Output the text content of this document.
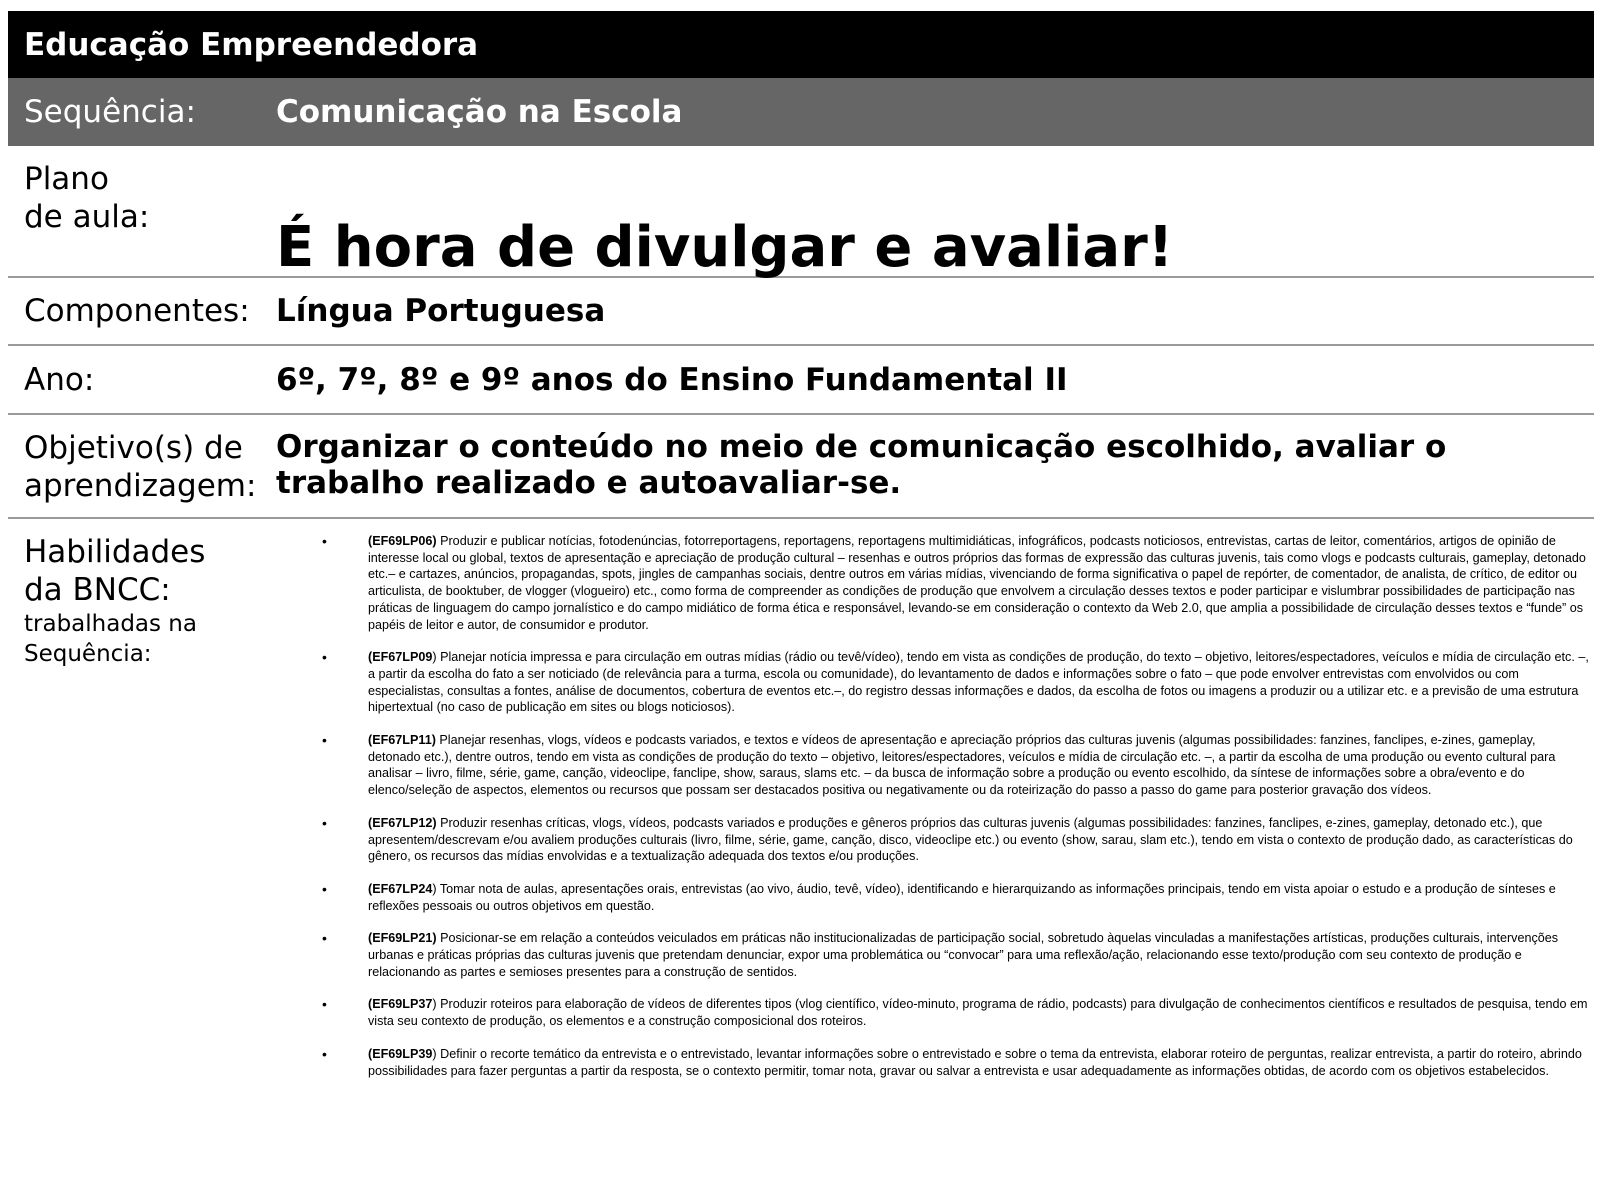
Educação Empreendedora
Sequência:	Comunicação na Escola
Plano
de aula:	É hora de divulgar e avaliar!
Componentes: Língua Portuguesa
Ano:	6º, 7º, 8º e 9º anos do Ensino Fundamental II
Objetivo(s) de
aprendizagem:
Organizar o conteúdo no meio de comunicação escolhido, avaliar o trabalho realizado e autoavaliar-se.
Habilidades
da BNCC:
trabalhadas na
Sequência:
•	(EF69LP06) Produzir e publicar notícias, fotodenúncias, fotorreportagens, reportagens, reportagens multimidiáticas, infográficos, podcasts noticiosos, entrevistas, cartas de leitor, comentários, artigos de opinião de interesse local ou global, textos de apresentação e apreciação de produção cultural – resenhas e outros próprios das formas de expressão das culturas juvenis, tais como vlogs e podcasts culturais, gameplay, detonado etc.– e cartazes, anúncios, propagandas, spots, jingles de campanhas sociais, dentre outros em várias mídias, vivenciando de forma significativa o papel de repórter, de comentador, de analista, de crítico, de editor ou articulista, de booktuber, de vlogger (vlogueiro) etc., como forma de compreender as condições de produção que envolvem a circulação desses textos e poder participar e vislumbrar possibilidades de participação nas práticas de linguagem do campo jornalístico e do campo midiático de forma ética e responsável, levando-se em consideração o contexto da Web 2.0, que amplia a possibilidade de circulação desses textos e “funde” os papéis de leitor e autor, de consumidor e produtor.
•	(EF67LP09) Planejar notícia impressa e para circulação em outras mídias (rádio ou tevê/vídeo), tendo em vista as condições de produção, do texto – objetivo, leitores/espectadores, veículos e mídia de circulação etc. –, a partir da escolha do fato a ser noticiado (de relevância para a turma, escola ou comunidade), do levantamento de dados e informações sobre o fato – que pode envolver entrevistas com envolvidos ou com especialistas, consultas a fontes, análise de documentos, cobertura de eventos etc.–, do registro dessas informações e dados, da escolha de fotos ou imagens a produzir ou a utilizar etc. e a previsão de uma estrutura hipertextual (no caso de publicação em sites ou blogs noticiosos).
•	(EF67LP11) Planejar resenhas, vlogs, vídeos e podcasts variados, e textos e vídeos de apresentação e apreciação próprios das culturas juvenis (algumas possibilidades: fanzines, fanclipes, e-zines, gameplay, detonado etc.), dentre outros, tendo em vista as condições de produção do texto – objetivo, leitores/espectadores, veículos e mídia de circulação etc. –, a partir da escolha de uma produção ou evento cultural para analisar – livro, filme, série, game, canção, videoclipe, fanclipe, show, saraus, slams etc. – da busca de informação sobre a produção ou evento escolhido, da síntese de informações sobre a obra/evento e do elenco/seleção de aspectos, elementos ou recursos que possam ser destacados positiva ou negativamente ou da roteirização do passo a passo do game para posterior gravação dos vídeos.
•	(EF67LP12) Produzir resenhas críticas, vlogs, vídeos, podcasts variados e produções e gêneros próprios das culturas juvenis (algumas possibilidades: fanzines, fanclipes, e-zines, gameplay, detonado etc.), que apresentem/descrevam e/ou avaliem produções culturais (livro, filme, série, game, canção, disco, videoclipe etc.) ou evento (show, sarau, slam etc.), tendo em vista o contexto de produção dado, as características do gênero, os recursos das mídias envolvidas e a textualização adequada dos textos e/ou produções.
•	(EF67LP24) Tomar nota de aulas, apresentações orais, entrevistas (ao vivo, áudio, tevê, vídeo), identificando e hierarquizando as informações principais, tendo em vista apoiar o estudo e a produção de sínteses e reflexões pessoais ou outros objetivos em questão.
•	(EF69LP21) Posicionar-se em relação a conteúdos veiculados em práticas não institucionalizadas de participação social, sobretudo àquelas vinculadas a manifestações artísticas, produções culturais, intervenções urbanas e práticas próprias das culturas juvenis que pretendam denunciar, expor uma problemática ou “convocar” para uma reflexão/ação, relacionando esse texto/produção com seu contexto de produção e relacionando as partes e semioses presentes para a construção de sentidos.
•	(EF69LP37) Produzir roteiros para elaboração de vídeos de diferentes tipos (vlog científico, vídeo-minuto, programa de rádio, podcasts) para divulgação de conhecimentos científicos e resultados de pesquisa, tendo em vista seu contexto de produção, os elementos e a construção composicional dos roteiros.
•	(EF69LP39) Definir o recorte temático da entrevista e o entrevistado, levantar informações sobre o entrevistado e sobre o tema da entrevista, elaborar roteiro de perguntas, realizar entrevista, a partir do roteiro, abrindo possibilidades para fazer perguntas a partir da resposta, se o contexto permitir, tomar nota, gravar ou salvar a entrevista e usar adequadamente as informações obtidas, de acordo com os objetivos estabelecidos.
